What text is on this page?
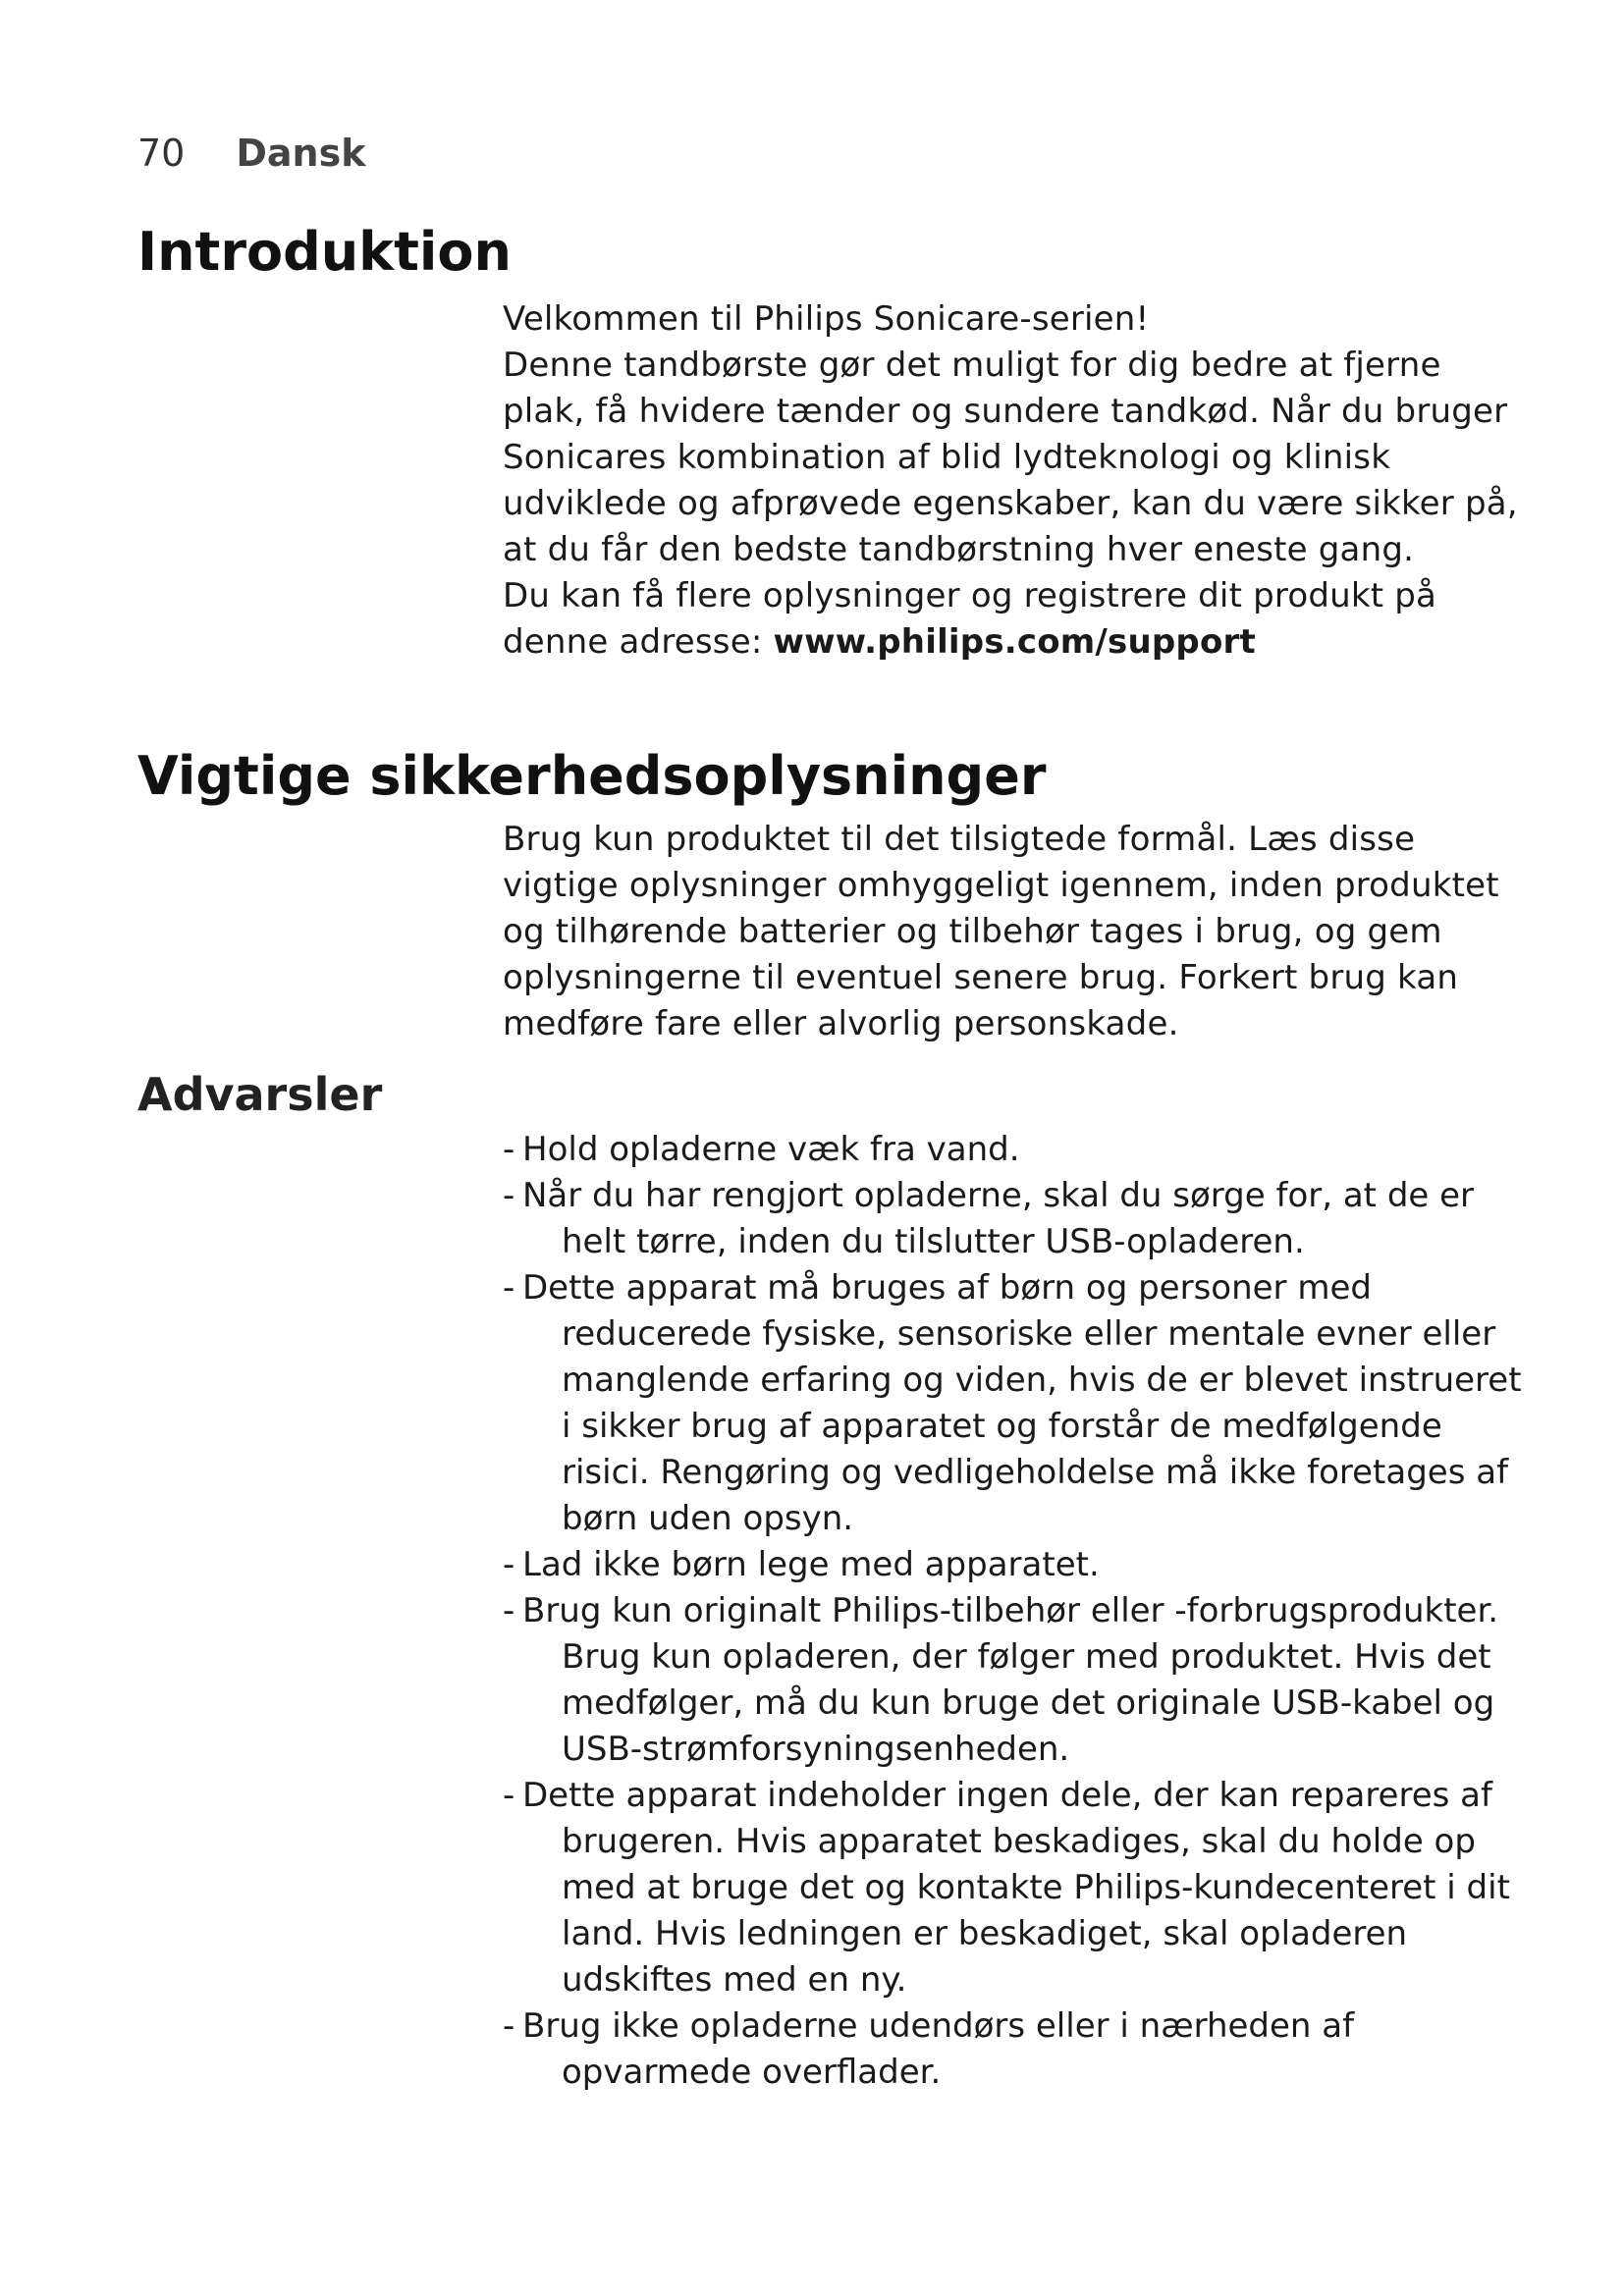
70 Dansk
Introduktion

Velkommen til Philips Sonicare-serien!

Denne tandbørste gør det muligt for dig bedre at fjerne plak, få hvidere tænder og sundere tandkød. Når du bruger Sonicares kombination af blid lydteknologi og klinisk udviklede og afprøvede egenskaber, kan du være sikker på, at du får den bedste tandbørstning hver eneste gang.

Du kan få flere oplysninger og registrere dit produkt på denne adresse: www.philips.com/support

Vigtige sikkerhedsoplysninger

Brug kun produktet til det tilsigtede formål. Læs disse vigtige oplysninger omhyggeligt igennem, inden produktet og tilhørende batterier og tilbehør tages i brug, og gem oplysningerne til eventuel senere brug. Forkert brug kan medføre fare eller alvorlig personskade.

Advarsler
- Hold opladerne væk fra vand.
- Når du har rengjort opladerne, skal du sørge for, at de er helt tørre, inden du tilslutter USB-opladeren.
- Dette apparat må bruges af børn og personer med reducerede fysiske, sensoriske eller mentale evner eller manglende erfaring og viden, hvis de er blevet instrueret i sikker brug af apparatet og forstår de medfølgende risici. Rengøring og vedligeholdelse må ikke foretages af børn uden opsyn.
- Lad ikke børn lege med apparatet.
- Brug kun originalt Philips-tilbehør eller -forbrugsprodukter. Brug kun opladeren, der følger med produktet. Hvis det medfølger, må du kun bruge det originale USB-kabel og USB-strømforsyningsenheden.
- Dette apparat indeholder ingen dele, der kan repareres af brugeren. Hvis apparatet beskadiges, skal du holde op med at bruge det og kontakte Philips-kundecenteret i dit land. Hvis ledningen er beskadiget, skal opladeren udskiftes med en ny.
- Brug ikke opladerne udendørs eller i nærheden af opvarmede overflader.
